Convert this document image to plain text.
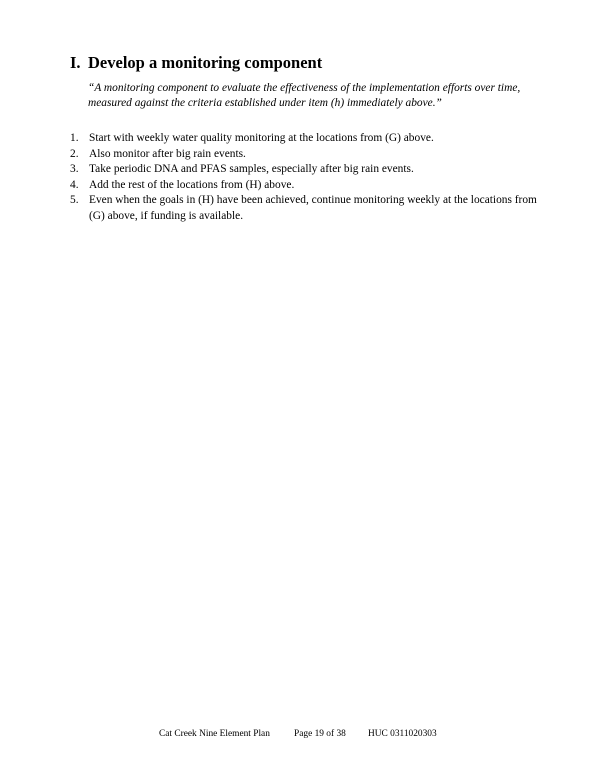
I. Develop a monitoring component
“A monitoring component to evaluate the effectiveness of the implementation efforts over time, measured against the criteria established under item (h) immediately above.”
1. Start with weekly water quality monitoring at the locations from (G) above.
2. Also monitor after big rain events.
3. Take periodic DNA and PFAS samples, especially after big rain events.
4. Add the rest of the locations from (H) above.
5. Even when the goals in (H) have been achieved, continue monitoring weekly at the locations from (G) above, if funding is available.
Cat Creek Nine Element Plan	Page 19 of 38 HUC 0311020303
